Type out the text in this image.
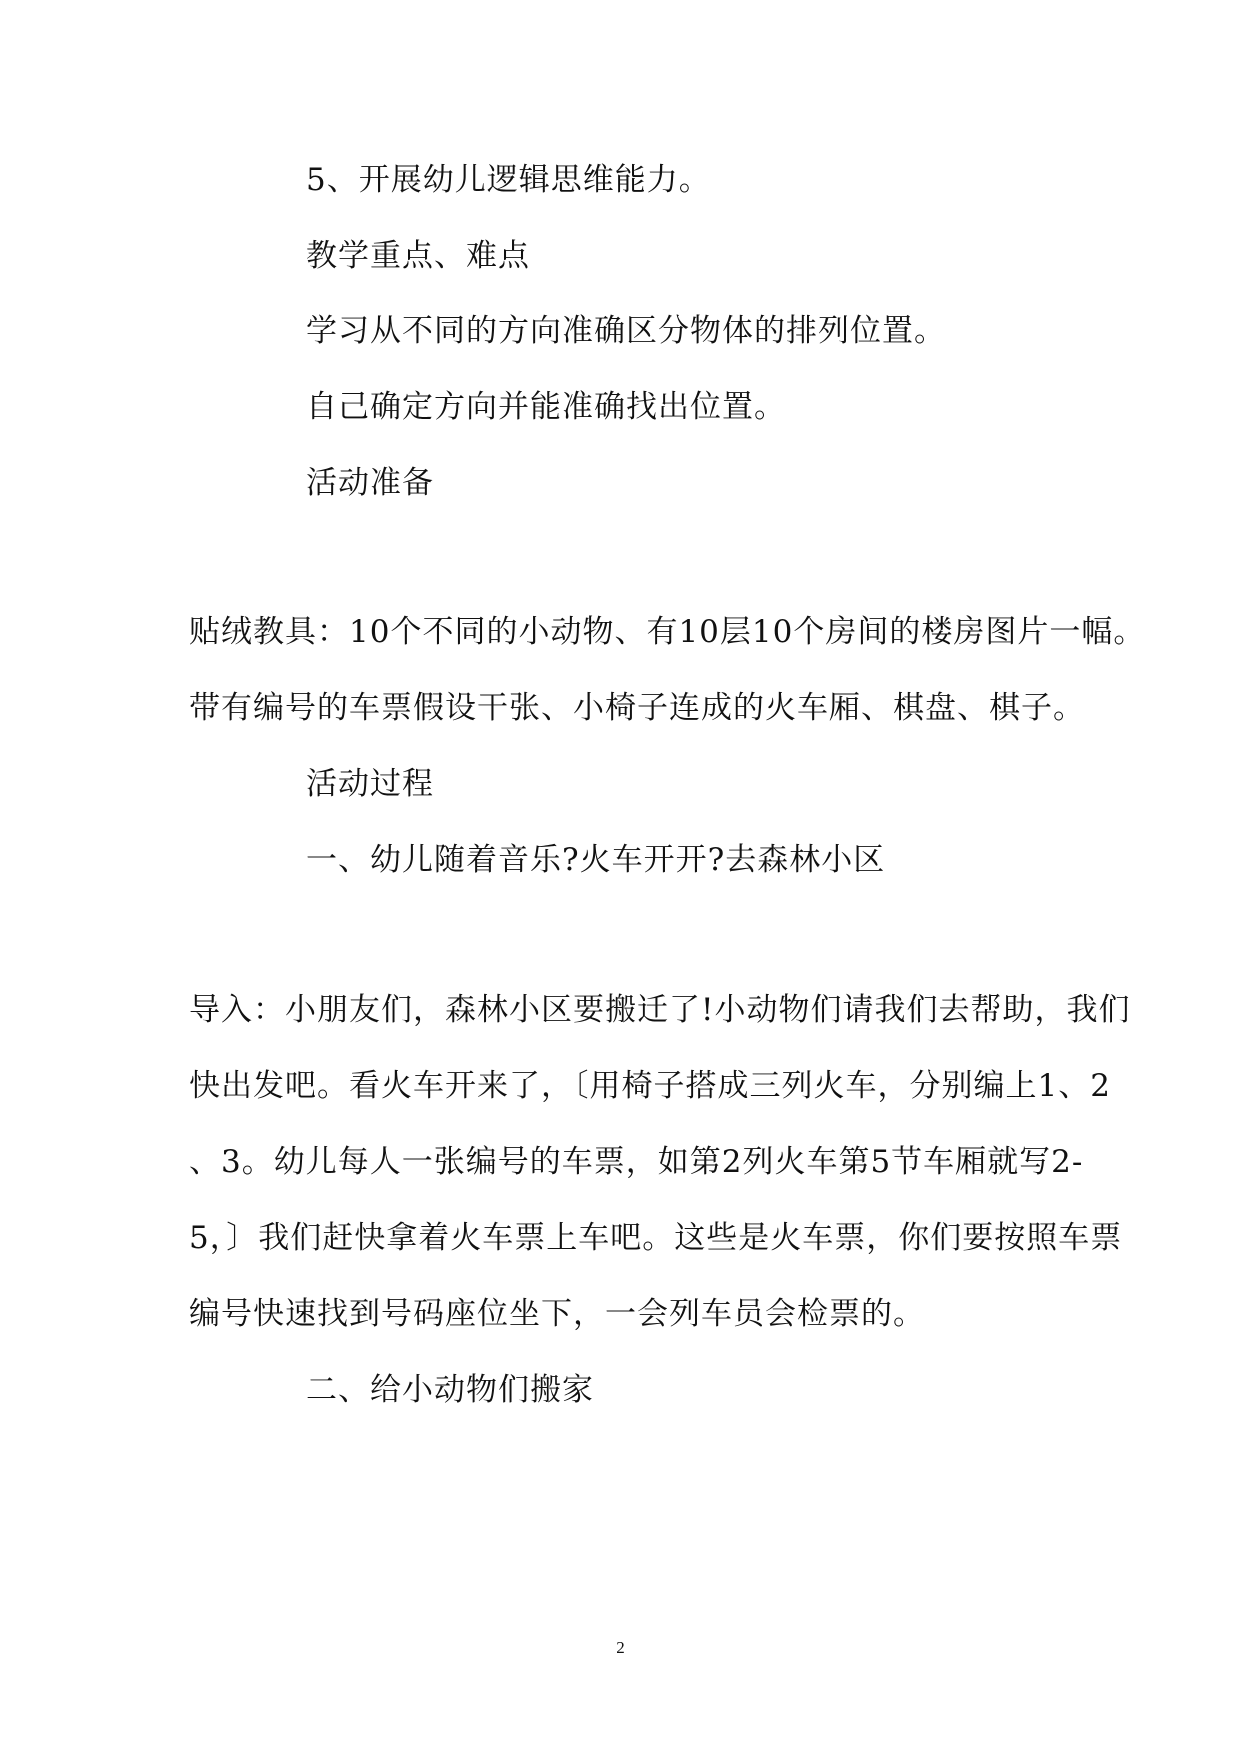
5、开展幼儿逻辑思维能力。
教学重点、难点
学习从不同的方向准确区分物体的排列位置。
自己确定方向并能准确找出位置。
活动准备
贴绒教具：10个不同的小动物、有10层10个房间的楼房图片一幅。
带有编号的车票假设干张、小椅子连成的火车厢、棋盘、棋子。
活动过程
一、幼儿随着音乐?火车开开?去森林小区
导入：小朋友们，森林小区要搬迁了!小动物们请我们去帮助，我们
快出发吧。看火车开来了，〔用椅子搭成三列火车，分别编上1、2
、3。幼儿每人一张编号的车票，如第2列火车第5节车厢就写2-
5，〕我们赶快拿着火车票上车吧。这些是火车票，你们要按照车票
编号快速找到号码座位坐下，一会列车员会检票的。
二、给小动物们搬家
2
